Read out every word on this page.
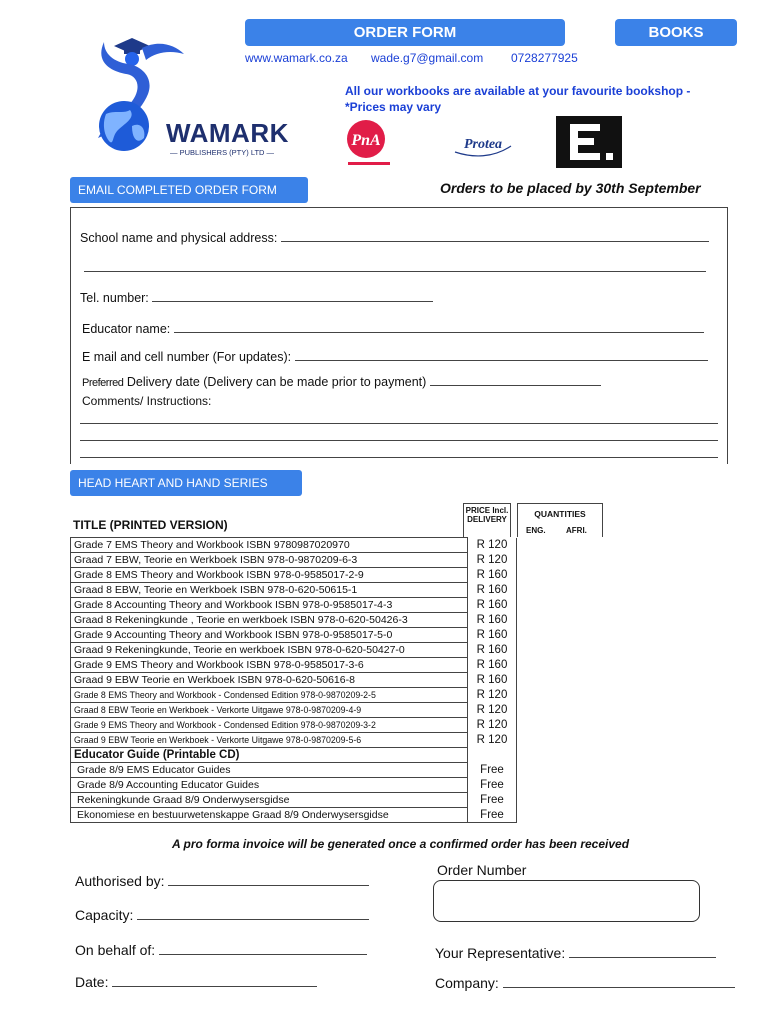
WAMARK
— PUBLISHERS (PTY) LTD —
ORDER FORM	BOOKS
www.wamark.co.za wade.g7@gmail.com 0728277925
All our workbooks are available at your favourite bookshop -
*Prices may vary
PnA	Protea
EMAIL COMPLETED ORDER FORM	Orders to be placed by 30th September
School name and physical address:
Tel. number:
Educator name:
E mail and cell number (For updates):
Preferred Delivery date (Delivery can be made prior to payment)
Comments/ Instructions:
HEAD HEART AND HAND SERIES
TITLE (PRINTED VERSION)
PRICE Incl. DELIVERY
QUANTITIES
ENG.	AFRI.
Grade 7 EMS Theory and Workbook ISBN 9780987020970	R 120
Graad 7 EBW, Teorie en Werkboek ISBN 978-0-9870209-6-3	R 120
Grade 8 EMS Theory and Workbook ISBN 978-0-9585017-2-9	R 160
Graad 8 EBW, Teorie en Werkboek ISBN 978-0-620-50615-1	R 160
Grade 8 Accounting Theory and Workbook ISBN 978-0-9585017-4-3	R 160
Graad 8 Rekeningkunde , Teorie en werkboek ISBN 978-0-620-50426-3	R 160
Grade 9 Accounting Theory and Workbook ISBN 978-0-9585017-5-0	R 160
Graad 9 Rekeningkunde, Teorie en werkboek ISBN 978-0-620-50427-0	R 160
Grade 9 EMS Theory and Workbook ISBN 978-0-9585017-3-6	R 160
Graad 9 EBW Teorie en Werkboek ISBN 978-0-620-50616-8	R 160
Grade 8 EMS Theory and Workbook - Condensed Edition 978-0-9870209-2-5	R 120
Graad 8 EBW Teorie en Werkboek - Verkorte Uitgawe 978-0-9870209-4-9	R 120
Grade 9 EMS Theory and Workbook - Condensed Edition 978-0-9870209-3-2	R 120
Graad 9 EBW Teorie en Werkboek - Verkorte Uitgawe 978-0-9870209-5-6	R 120
Educator Guide (Printable CD)	
Grade 8/9 EMS Educator Guides	Free
Grade 8/9 Accounting Educator Guides	Free
Rekeningkunde Graad 8/9 Onderwysersgidse	Free
Ekonomiese en bestuurwetenskappe Graad 8/9 Onderwysersgidse	Free
A pro forma invoice will be generated once a confirmed order has been received
Authorised by:
Capacity:
On behalf of:
Date:
Order Number
Your Representative:
Company:
